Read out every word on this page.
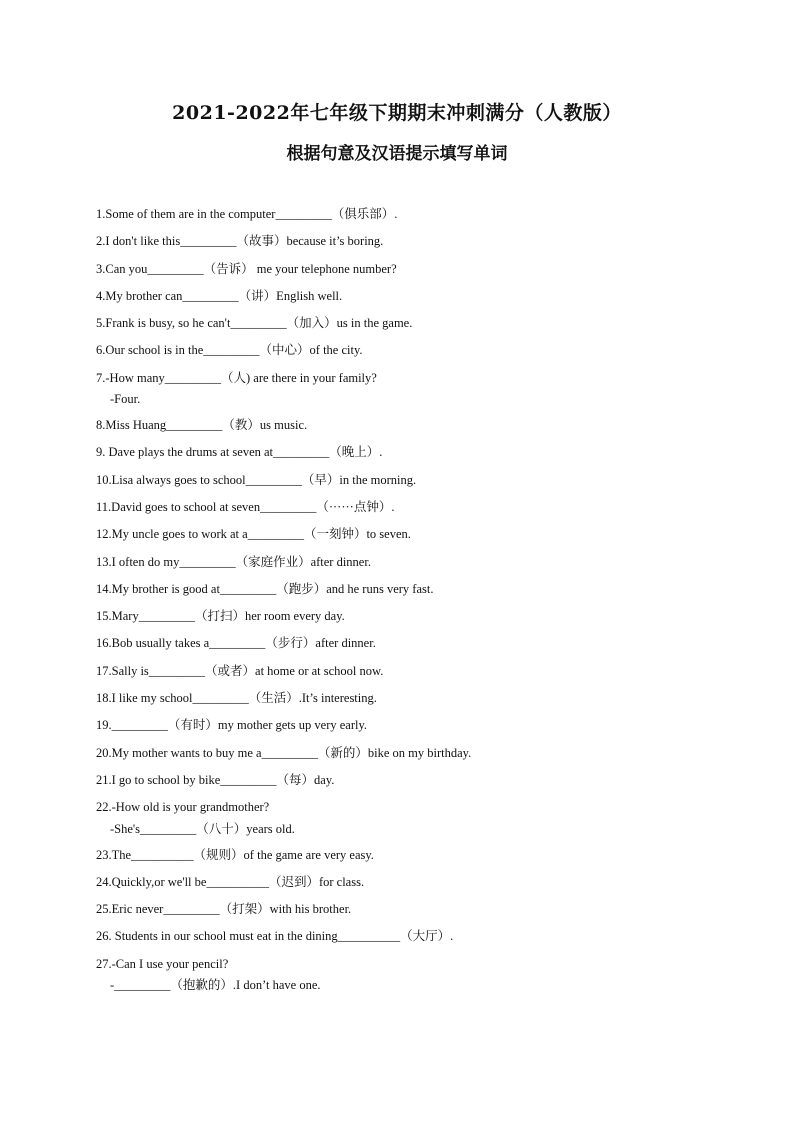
2021-2022年七年级下期期末冲刺满分（人教版）
根据句意及汉语提示填写单词
1.Some of them are in the computer_________（俱乐部）.
2.I don't like this_________（故事）because it’s boring.
3.Can you_________（告诉） me your telephone number?
4.My brother can_________（讲）English well.
5.Frank is busy, so he can't_________（加入）us in the game.
6.Our school is in the_________（中心）of the city.
7.-How many_________（人) are there in your family?
-Four.
8.Miss Huang_________（教）us music.
9. Dave plays the drums at seven at_________（晚上）.
10.Lisa always goes to school_________（早）in the morning.
11.David goes to school at seven_________（······点钟）.
12.My uncle goes to work at a_________（一刻钟）to seven.
13.I often do my_________（家庭作业）after dinner.
14.My brother is good at_________（跑步）and he runs very fast.
15.Mary_________（打扫）her room every day.
16.Bob usually takes a_________（步行）after dinner.
17.Sally is_________（或者）at home or at school now.
18.I like my school_________（生活）.It’s interesting.
19._________（有时）my mother gets up very early.
20.My mother wants to buy me a_________（新的）bike on my birthday.
21.I go to school by bike_________（每）day.
22.-How old is your grandmother?
-She's_________（八十）years old.
23.The__________（规则）of the game are very easy.
24.Quickly,or we'll be__________（迟到）for class.
25.Eric never_________（打架）with his brother.
26. Students in our school must eat in the dining__________（大厅）.
27.-Can I use your pencil?
-_________（抱歉的）.I don’t have one.
